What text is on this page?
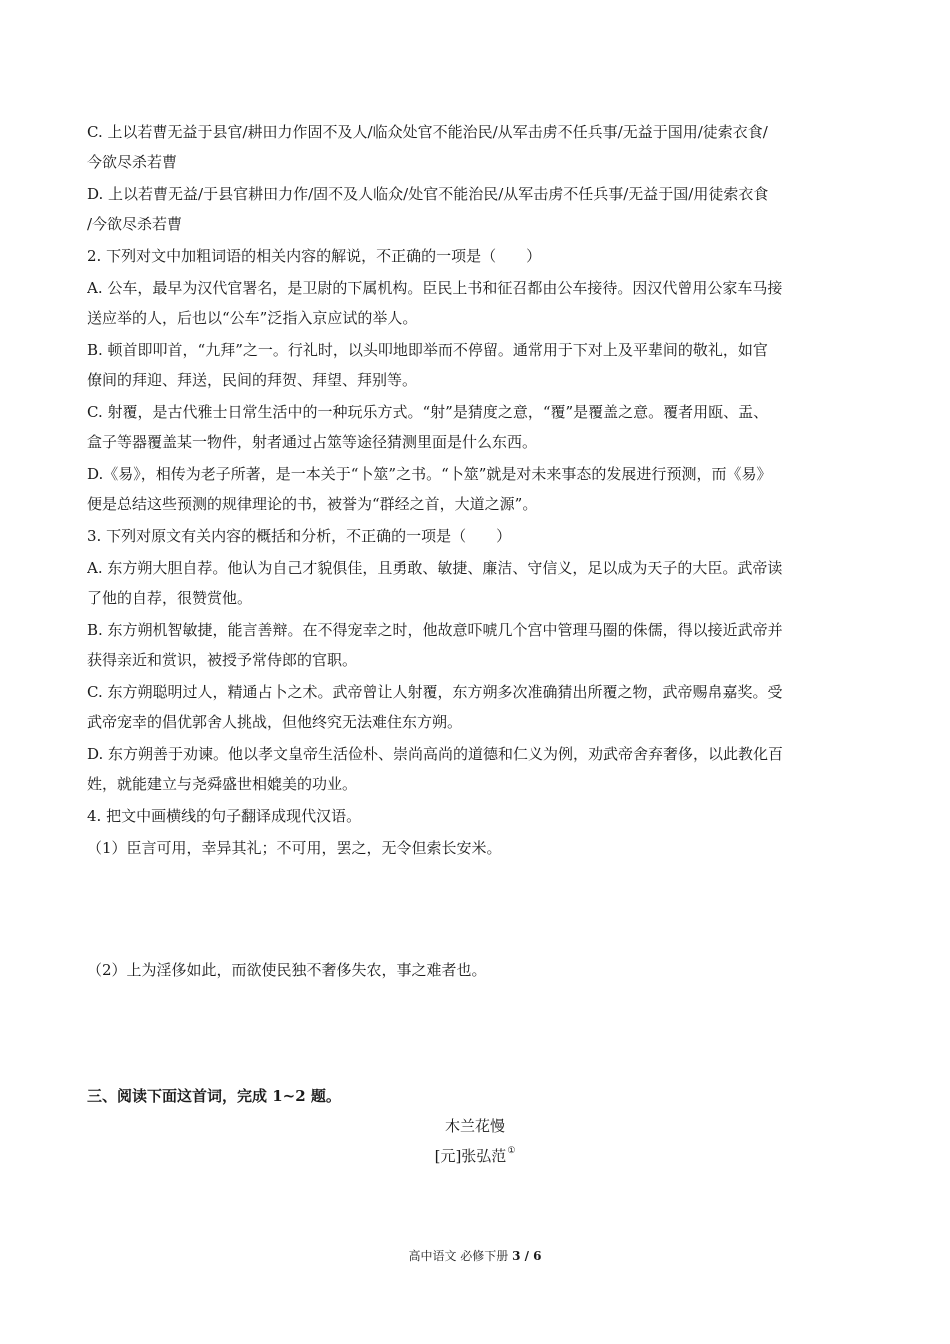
C. 上以若曹无益于县官/耕田力作固不及人/临众处官不能治民/从军击虏不任兵事/无益于国用/徒索衣食/
今欲尽杀若曹
D. 上以若曹无益/于县官耕田力作/固不及人临众/处官不能治民/从军击虏不任兵事/无益于国/用徒索衣食
/今欲尽杀若曹
2. 下列对文中加粗词语的相关内容的解说，不正确的一项是（　　）
A. 公车，最早为汉代官署名，是卫尉的下属机构。臣民上书和征召都由公车接待。因汉代曾用公家车马接
送应举的人，后也以“公车”泛指入京应试的举人。
B. 顿首即叩首，“九拜”之一。行礼时，以头叩地即举而不停留。通常用于下对上及平辈间的敬礼，如官
僚间的拜迎、拜送，民间的拜贺、拜望、拜别等。
C. 射覆，是古代雅士日常生活中的一种玩乐方式。“射”是猜度之意，“覆”是覆盖之意。覆者用瓯、盂、
盒子等器覆盖某一物件，射者通过占筮等途径猜测里面是什么东西。
D.《易》，相传为老子所著，是一本关于“卜筮”之书。“卜筮”就是对未来事态的发展进行预测，而《易》
便是总结这些预测的规律理论的书，被誉为“群经之首，大道之源”。
3. 下列对原文有关内容的概括和分析，不正确的一项是（　　）
A. 东方朔大胆自荐。他认为自己才貌俱佳，且勇敢、敏捷、廉洁、守信义，足以成为天子的大臣。武帝读
了他的自荐，很赞赏他。
B. 东方朔机智敏捷，能言善辩。在不得宠幸之时，他故意吓唬几个宫中管理马圈的侏儒，得以接近武帝并
获得亲近和赏识，被授予常侍郎的官职。
C. 东方朔聪明过人，精通占卜之术。武帝曾让人射覆，东方朔多次准确猜出所覆之物，武帝赐帛嘉奖。受
武帝宠幸的倡优郭舍人挑战，但他终究无法难住东方朔。
D. 东方朔善于劝谏。他以孝文皇帝生活俭朴、崇尚高尚的道德和仁义为例，劝武帝舍弃奢侈，以此教化百
姓，就能建立与尧舜盛世相媲美的功业。
4. 把文中画横线的句子翻译成现代汉语。
（1）臣言可用，幸异其礼；不可用，罢之，无令但索长安米。
（2）上为淫侈如此，而欲使民独不奢侈失农，事之难者也。
三、阅读下面这首词，完成 1~2 题。
木兰花慢
[元]张弘范①
高中语文 必修下册 3 / 6
